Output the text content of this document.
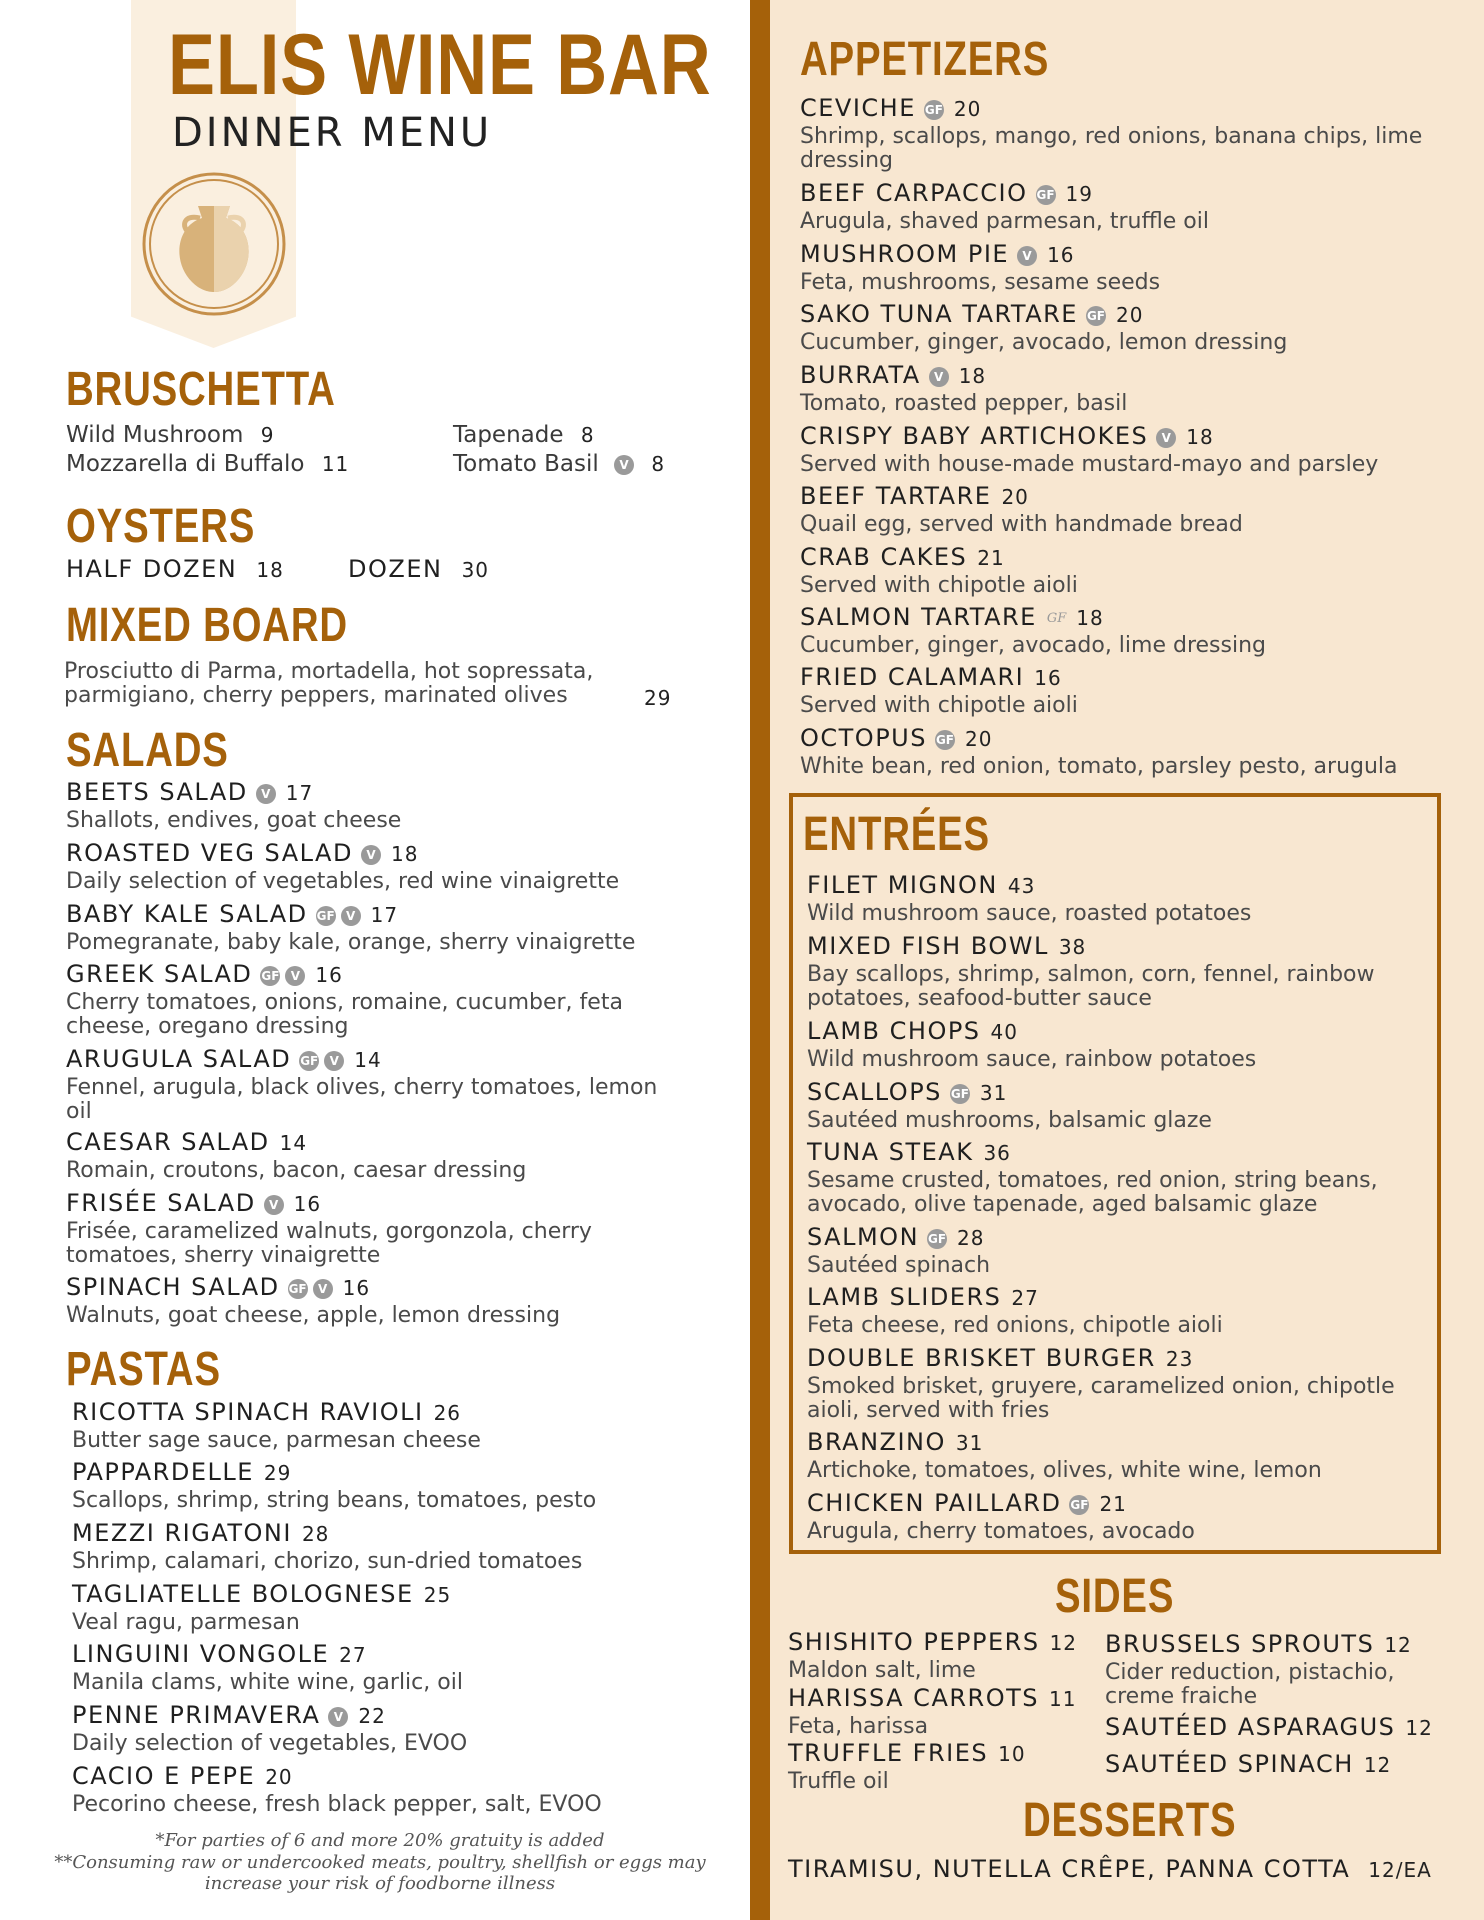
ELIS WINE BAR
DINNER MENU
BRUSCHETTA
Wild Mushroom 9	Tapenade 8
Mozzarella di Buffalo 11	Tomato Basil V 8
OYSTERS
HALF DOZEN 18	DOZEN 30
MIXED BOARD
Prosciutto di Parma, mortadella, hot sopressata, parmigiano, cherry peppers, marinated olives	29
SALADS
BEETS SALAD V 17
Shallots, endives, goat cheese
ROASTED VEG SALAD V 18
Daily selection of vegetables, red wine vinaigrette
BABY KALE SALAD GF V 17
Pomegranate, baby kale, orange, sherry vinaigrette
GREEK SALAD GF V 16
Cherry tomatoes, onions, romaine, cucumber, feta cheese, oregano dressing
ARUGULA SALAD GF V 14
Fennel, arugula, black olives, cherry tomatoes, lemon oil
CAESAR SALAD 14
Romain, croutons, bacon, caesar dressing
FRISÉE SALAD V 16
Frisée, caramelized walnuts, gorgonzola, cherry tomatoes, sherry vinaigrette
SPINACH SALAD GF V 16
Walnuts, goat cheese, apple, lemon dressing
PASTAS
RICOTTA SPINACH RAVIOLI 26
Butter sage sauce, parmesan cheese
PAPPARDELLE 29
Scallops, shrimp, string beans, tomatoes, pesto
MEZZI RIGATONI 28
Shrimp, calamari, chorizo, sun-dried tomatoes
TAGLIATELLE BOLOGNESE 25
Veal ragu, parmesan
LINGUINI VONGOLE 27
Manila clams, white wine, garlic, oil
PENNE PRIMAVERA V 22
Daily selection of vegetables, EVOO
CACIO E PEPE 20
Pecorino cheese, fresh black pepper, salt, EVOO
*For parties of 6 and more 20% gratuity is added
**Consuming raw or undercooked meats, poultry, shellfish or eggs may
increase your risk of foodborne illness
APPETIZERS
CEVICHE GF 20
Shrimp, scallops, mango, red onions, banana chips, lime dressing
BEEF CARPACCIO GF 19
Arugula, shaved parmesan, truffle oil
MUSHROOM PIE V 16
Feta, mushrooms, sesame seeds
SAKO TUNA TARTARE GF 20
Cucumber, ginger, avocado, lemon dressing
BURRATA V 18
Tomato, roasted pepper, basil
CRISPY BABY ARTICHOKES V 18
Served with house-made mustard-mayo and parsley
BEEF TARTARE 20
Quail egg, served with handmade bread
CRAB CAKES 21
Served with chipotle aioli
SALMON TARTARE GF 18
Cucumber, ginger, avocado, lime dressing
FRIED CALAMARI 16
Served with chipotle aioli
OCTOPUS GF 20
White bean, red onion, tomato, parsley pesto, arugula
ENTRÉES
FILET MIGNON 43
Wild mushroom sauce, roasted potatoes
MIXED FISH BOWL 38
Bay scallops, shrimp, salmon, corn, fennel, rainbow potatoes, seafood-butter sauce
LAMB CHOPS 40
Wild mushroom sauce, rainbow potatoes
SCALLOPS GF 31
Sautéed mushrooms, balsamic glaze
TUNA STEAK 36
Sesame crusted, tomatoes, red onion, string beans, avocado, olive tapenade, aged balsamic glaze
SALMON GF 28
Sautéed spinach
LAMB SLIDERS 27
Feta cheese, red onions, chipotle aioli
DOUBLE BRISKET BURGER 23
Smoked brisket, gruyere, caramelized onion, chipotle aioli, served with fries
BRANZINO 31
Artichoke, tomatoes, olives, white wine, lemon
CHICKEN PAILLARD GF 21
Arugula, cherry tomatoes, avocado
SIDES
SHISHITO PEPPERS 12
Maldon salt, lime
HARISSA CARROTS 11
Feta, harissa
TRUFFLE FRIES 10
Truffle oil
BRUSSELS SPROUTS 12
Cider reduction, pistachio, creme fraiche
SAUTÉED ASPARAGUS 12
SAUTÉED SPINACH 12
DESSERTS
TIRAMISU, NUTELLA CRÊPE, PANNA COTTA 12/EA
